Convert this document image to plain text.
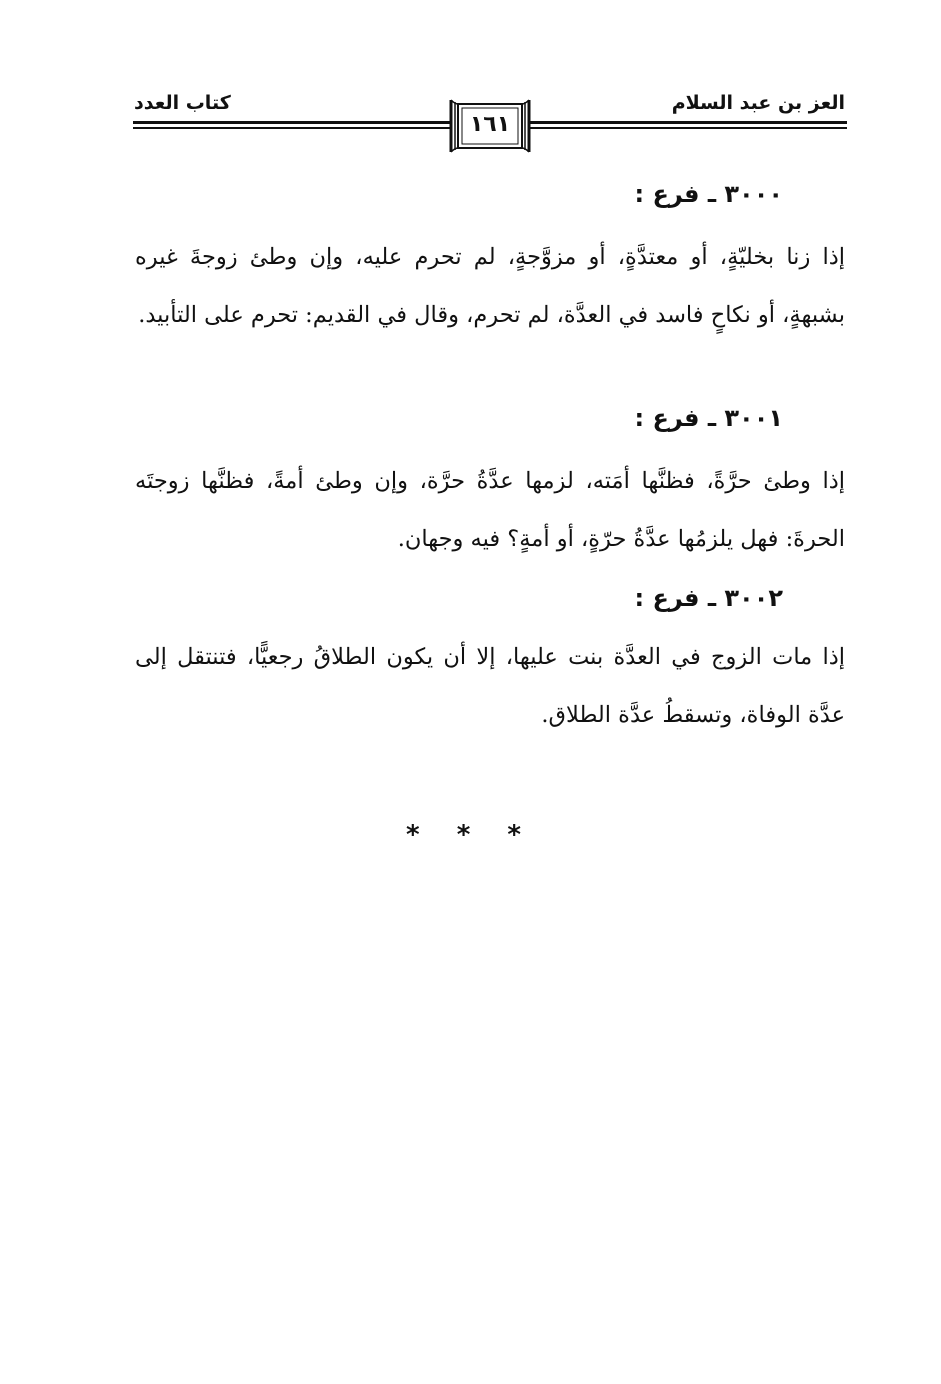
العز بن عبد السلام
كتاب العدد
١٦١
٣٠٠٠ ـ فرع :

إذا زنا بخليّةٍ، أو معتدَّةٍ، أو مزوَّجةٍ، لم تحرم عليه، وإن وطئ زوجةَ غيره بشبهةٍ، أو نكاحٍ فاسد في العدَّة، لم تحرم، وقال في القديم: تحرم على التأبيد.

٣٠٠١ ـ فرع :

إذا وطئ حرَّةً، فظنَّها أمَته، لزمها عدَّةُ حرَّة، وإن وطئ أمةً، فظنَّها زوجتَه الحرةَ: فهل يلزمُها عدَّةُ حرّةٍ، أو أمةٍ؟ فيه وجهان.

٣٠٠٢ ـ فرع :

إذا مات الزوج في العدَّة بنت عليها، إلا أن يكون الطلاقُ رجعيًّا، فتنتقل إلى عدَّة الوفاة، وتسقطُ عدَّة الطلاق.

* * *
